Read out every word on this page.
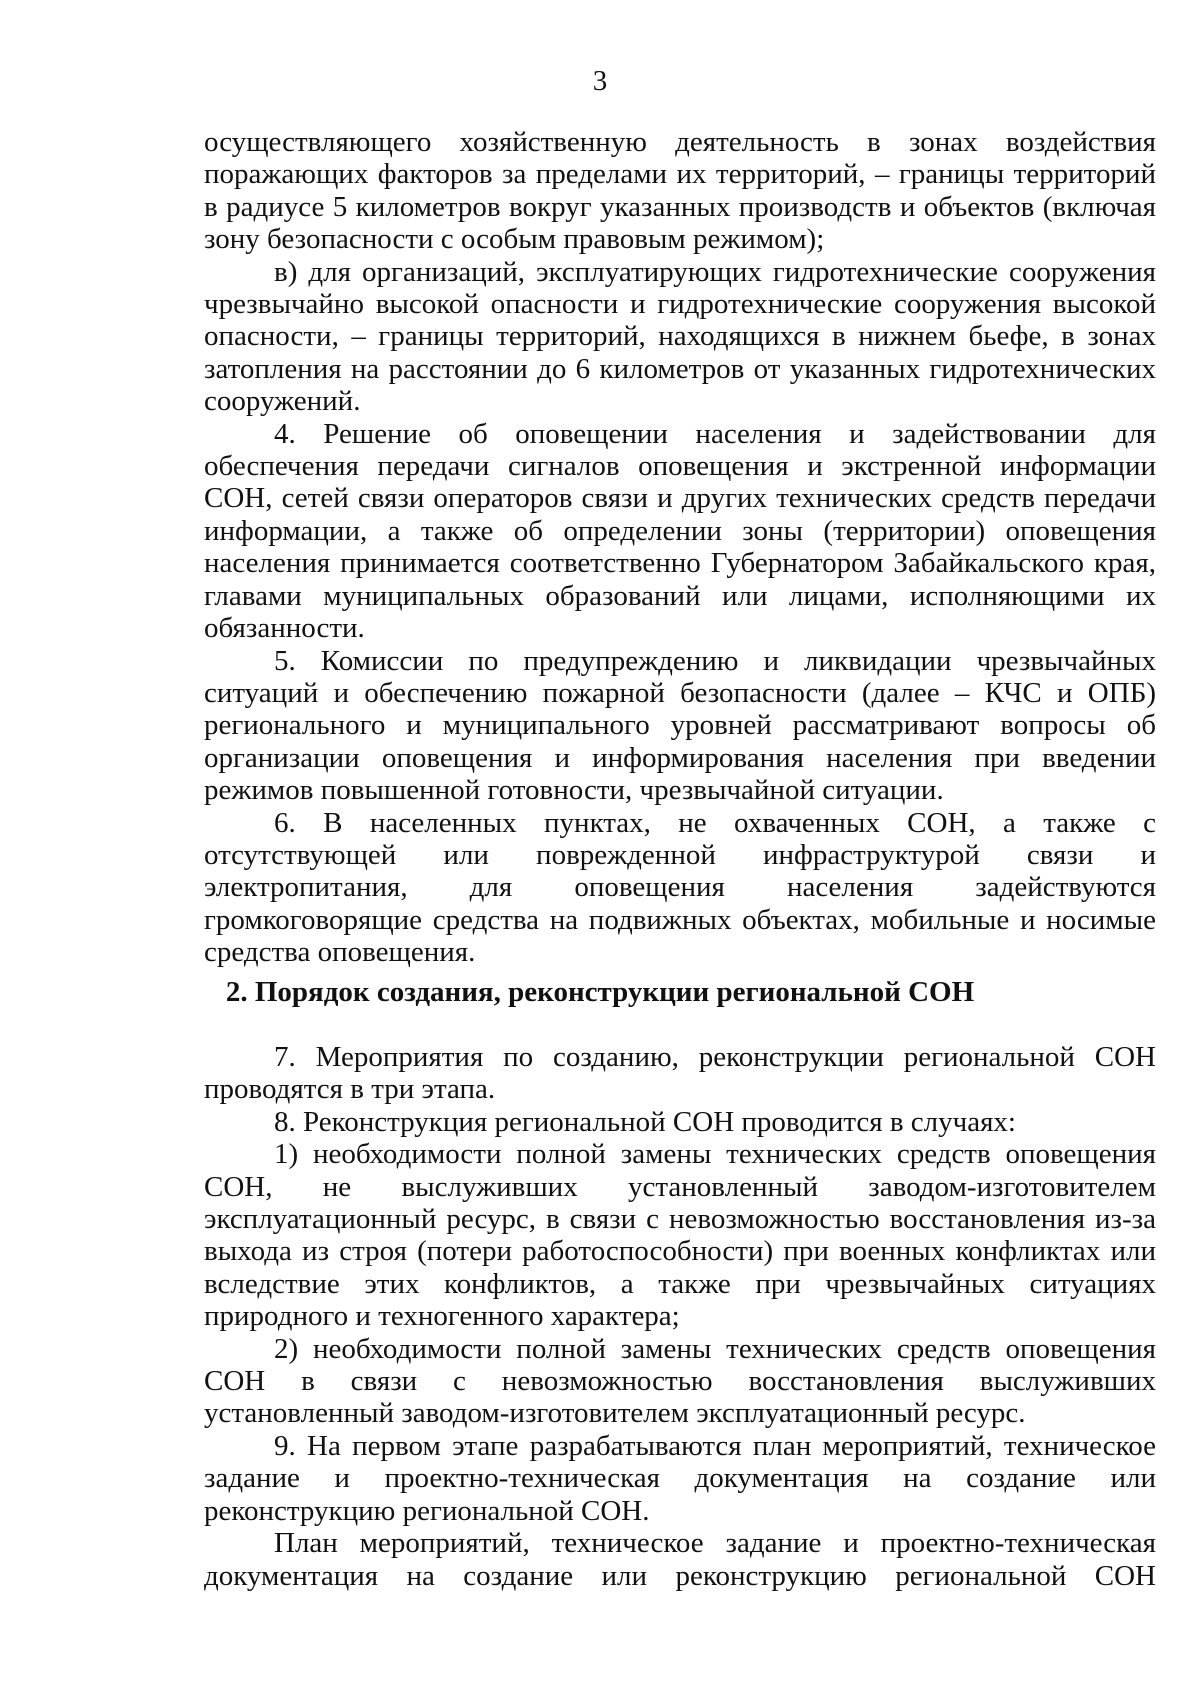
3

осуществляющего хозяйственную деятельность в зонах воздействия поражающих факторов за пределами их территорий, – границы территорий в радиусе 5 километров вокруг указанных производств и объектов (включая зону безопасности с особым правовым режимом);

в) для организаций, эксплуатирующих гидротехнические сооружения чрезвычайно высокой опасности и гидротехнические сооружения высокой опасности, – границы территорий, находящихся в нижнем бьефе, в зонах затопления на расстоянии до 6 километров от указанных гидротехнических сооружений.

4. Решение об оповещении населения и задействовании для обеспечения передачи сигналов оповещения и экстренной информации СОН, сетей связи операторов связи и других технических средств передачи информации, а также об определении зоны (территории) оповещения населения принимается соответственно Губернатором Забайкальского края, главами муниципальных образований или лицами, исполняющими их обязанности.

5. Комиссии по предупреждению и ликвидации чрезвычайных ситуаций и обеспечению пожарной безопасности (далее – КЧС и ОПБ) регионального и муниципального уровней рассматривают вопросы об организации оповещения и информирования населения при введении режимов повышенной готовности, чрезвычайной ситуации.

6. В населенных пунктах, не охваченных СОН, а также с отсутствующей или поврежденной инфраструктурой связи и электропитания, для оповещения населения задействуются громкоговорящие средства на подвижных объектах, мобильные и носимые средства оповещения.

2. Порядок создания, реконструкции региональной СОН

7. Мероприятия по созданию, реконструкции региональной СОН проводятся в три этапа.

8. Реконструкция региональной СОН проводится в случаях:

1) необходимости полной замены технических средств оповещения СОН, не выслуживших установленный заводом-изготовителем эксплуатационный ресурс, в связи с невозможностью восстановления из-за выхода из строя (потери работоспособности) при военных конфликтах или вследствие этих конфликтов, а также при чрезвычайных ситуациях природного и техногенного характера;

2) необходимости полной замены технических средств оповещения СОН в связи с невозможностью восстановления выслуживших установленный заводом-изготовителем эксплуатационный ресурс.

9. На первом этапе разрабатываются план мероприятий, техническое задание и проектно-техническая документация на создание или реконструкцию региональной СОН.

План мероприятий, техническое задание и проектно-техническая документация на создание или реконструкцию региональной СОН
